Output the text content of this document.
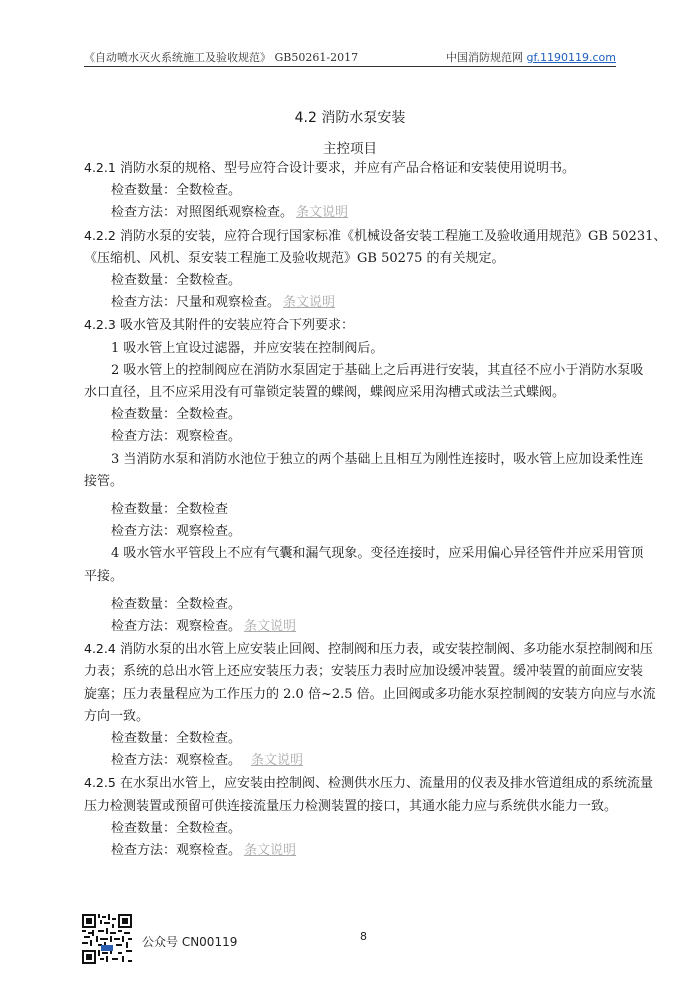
《自动喷水灭火系统施工及验收规范》 GB50261-2017	中国消防规范网 gf.1190119.com
4.2 消防水泵安装
主控项目
4.2.1 消防水泵的规格、型号应符合设计要求，并应有产品合格证和安装使用说明书。
检查数量：全数检查。
检查方法：对照图纸观察检查。 条文说明
4.2.2 消防水泵的安装，应符合现行国家标准《机械设备安装工程施工及验收通用规范》GB 50231、
《压缩机、风机、泵安装工程施工及验收规范》GB 50275 的有关规定。
检查数量：全数检查。
检查方法：尺量和观察检查。 条文说明
4.2.3 吸水管及其附件的安装应符合下列要求：
1 吸水管上宜设过滤器，并应安装在控制阀后。
2 吸水管上的控制阀应在消防水泵固定于基础上之后再进行安装，其直径不应小于消防水泵吸
水口直径，且不应采用没有可靠锁定装置的蝶阀，蝶阀应采用沟槽式或法兰式蝶阀。
检查数量：全数检查。
检查方法：观察检查。
3 当消防水泵和消防水池位于独立的两个基础上且相互为刚性连接时，吸水管上应加设柔性连
接管。
检查数量：全数检查
检查方法：观察检查。
4 吸水管水平管段上不应有气囊和漏气现象。变径连接时，应采用偏心异径管件并应采用管顶
平接。
检查数量：全数检查。
检查方法：观察检查。 条文说明
4.2.4 消防水泵的出水管上应安装止回阀、控制阀和压力表，或安装控制阀、多功能水泵控制阀和压
力表；系统的总出水管上还应安装压力表；安装压力表时应加设缓冲装置。缓冲装置的前面应安装
旋塞；压力表量程应为工作压力的 2.0 倍~2.5 倍。止回阀或多功能水泵控制阀的安装方向应与水流
方向一致。
检查数量：全数检查。
检查方法：观察检查。 条文说明
4.2.5 在水泵出水管上，应安装由控制阀、检测供水压力、流量用的仪表及排水管道组成的系统流量
压力检测装置或预留可供连接流量压力检测装置的接口，其通水能力应与系统供水能力一致。
检查数量：全数检查。
检查方法：观察检查。 条文说明
公众号 CN00119	8
